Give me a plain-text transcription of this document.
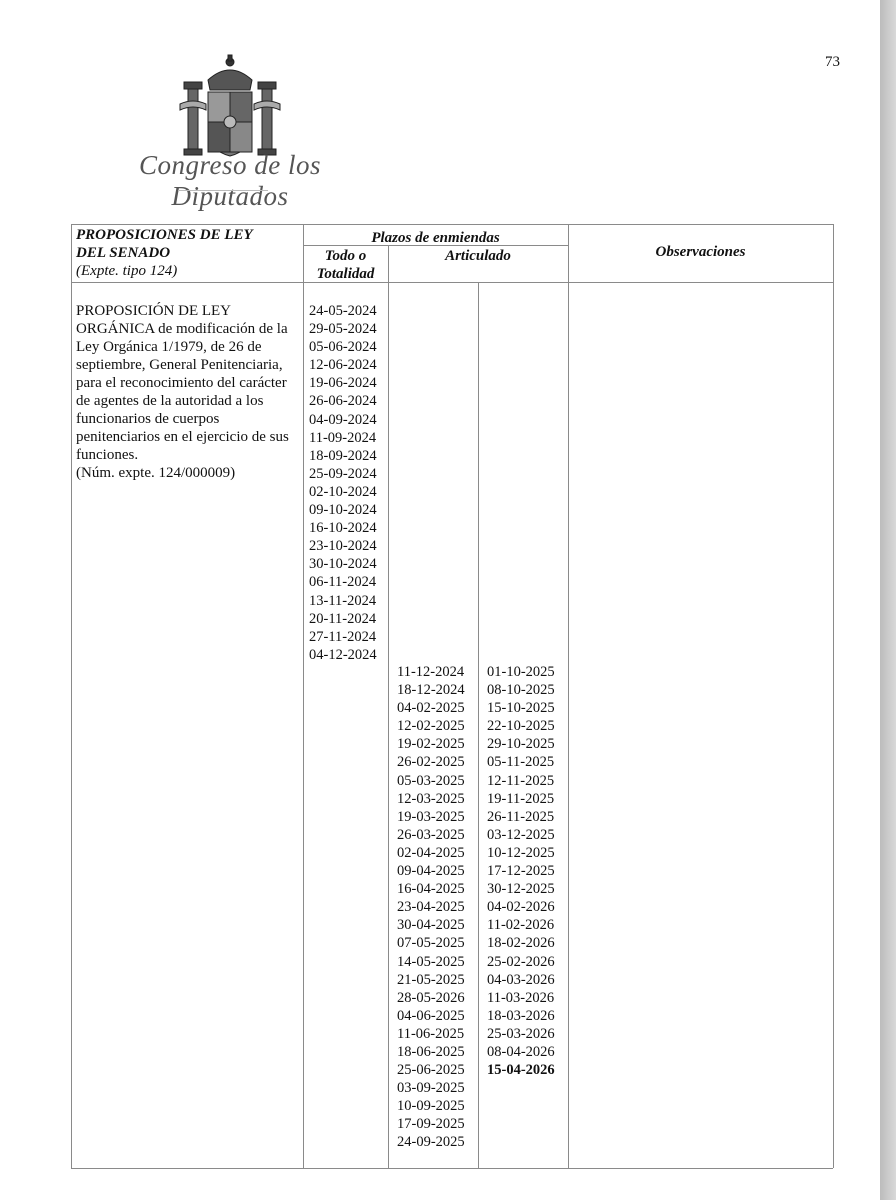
73
Congreso de los Diputados
PROPOSICIONES DE LEY
DEL SENADO
(Expte. tipo 124)
Plazos de enmiendas
Todo o
Totalidad
Articulado	Observaciones
PROPOSICIÓN DE LEY
ORGÁNICA de modificación de la
Ley Orgánica 1/1979, de 26 de
septiembre, General Penitenciaria,
para el reconocimiento del carácter
de agentes de la autoridad a los
funcionarios de cuerpos
penitenciarios en el ejercicio de sus
funciones.
(Núm. expte. 124/000009)
24-05-2024
29-05-2024
05-06-2024
12-06-2024
19-06-2024
26-06-2024
04-09-2024
11-09-2024
18-09-2024
25-09-2024
02-10-2024
09-10-2024
16-10-2024
23-10-2024
30-10-2024
06-11-2024
13-11-2024
20-11-2024
27-11-2024
04-12-2024
11-12-2024
18-12-2024
04-02-2025
12-02-2025
19-02-2025
26-02-2025
05-03-2025
12-03-2025
19-03-2025
26-03-2025
02-04-2025
09-04-2025
16-04-2025
23-04-2025
30-04-2025
07-05-2025
14-05-2025
21-05-2025
28-05-2026
04-06-2025
11-06-2025
18-06-2025
25-06-2025
03-09-2025
10-09-2025
17-09-2025
24-09-2025
01-10-2025
08-10-2025
15-10-2025
22-10-2025
29-10-2025
05-11-2025
12-11-2025
19-11-2025
26-11-2025
03-12-2025
10-12-2025
17-12-2025
30-12-2025
04-02-2026
11-02-2026
18-02-2026
25-02-2026
04-03-2026
11-03-2026
18-03-2026
25-03-2026
08-04-2026
15-04-2026
